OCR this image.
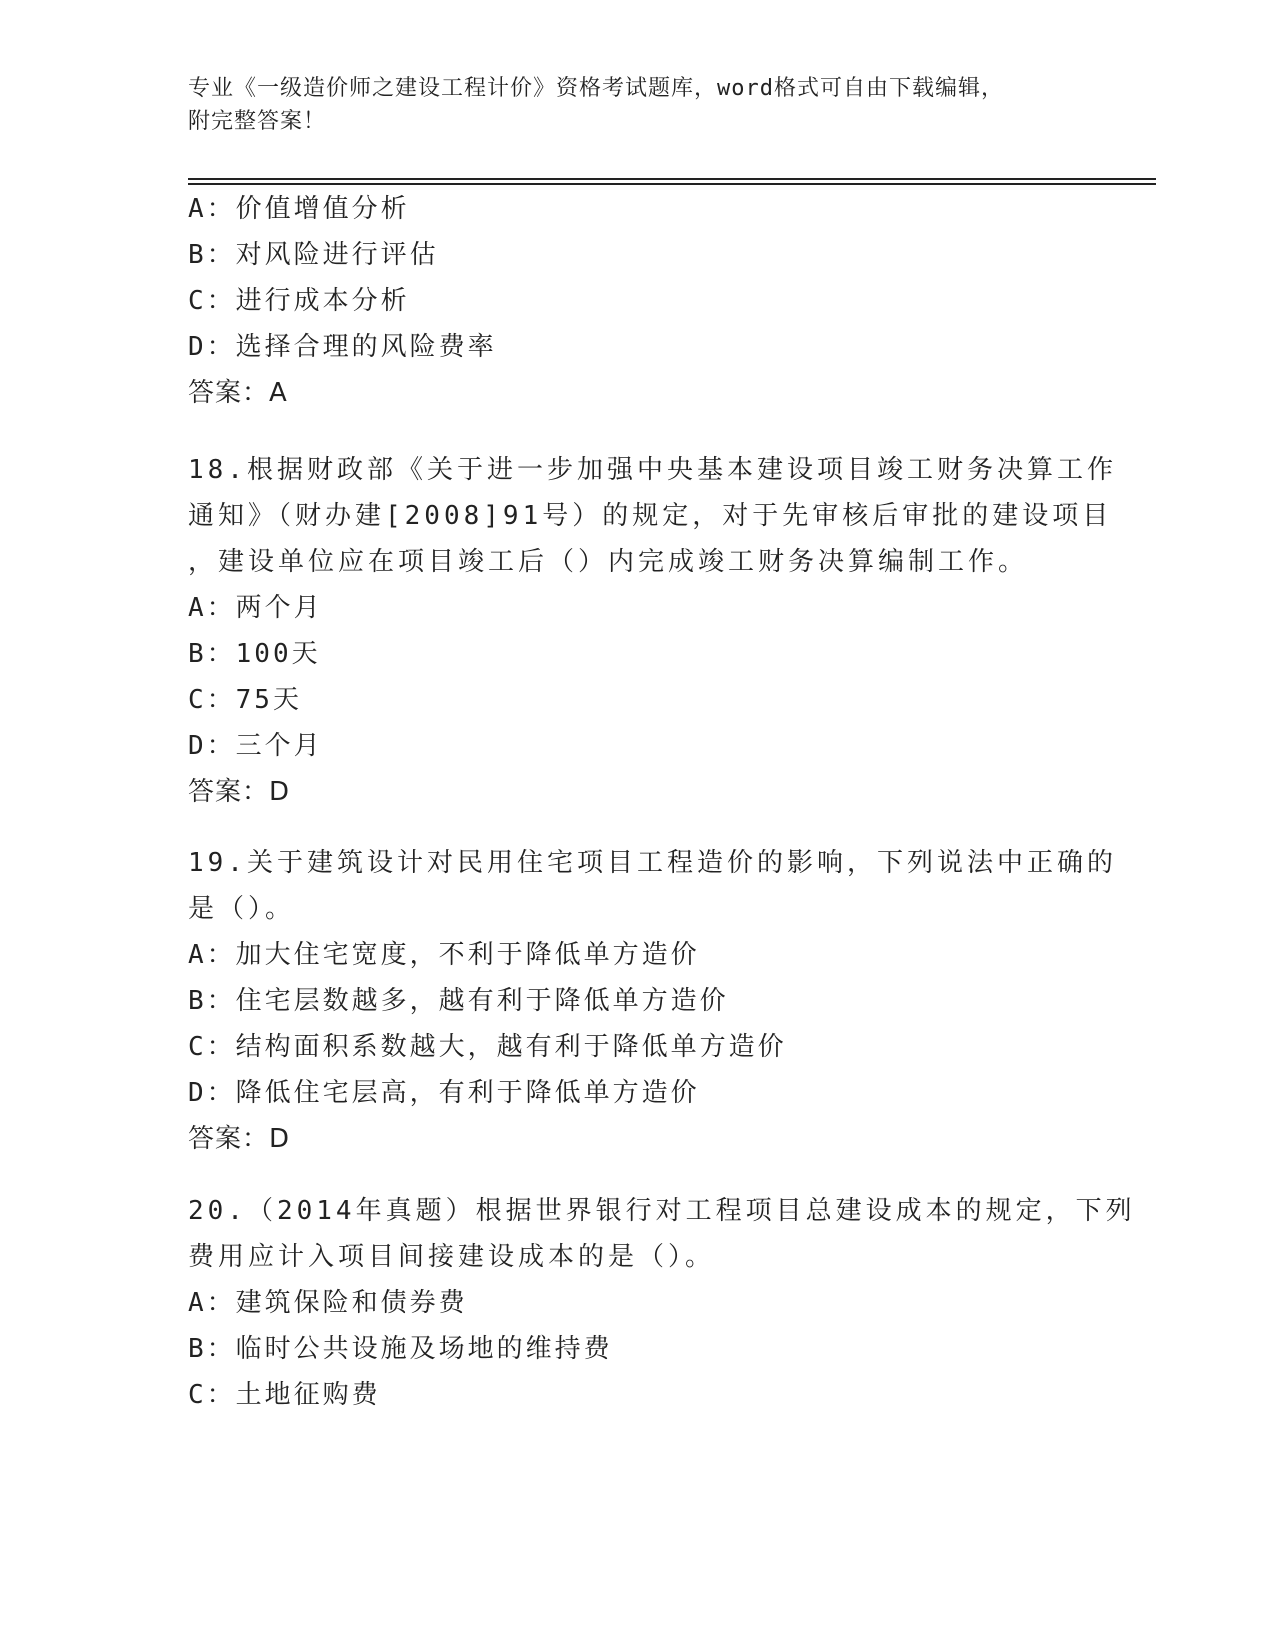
专业《一级造价师之建设工程计价》资格考试题库，word格式可自由下载编辑，
附完整答案！
A：价值增值分析
B：对风险进行评估
C：进行成本分析
D：选择合理的风险费率
答案：A
18.根据财政部《关于进一步加强中央基本建设项目竣工财务决算工作
通知》（财办建[2008]91号）的规定，对于先审核后审批的建设项目
，建设单位应在项目竣工后（）内完成竣工财务决算编制工作。
A：两个月
B：100天
C：75天
D：三个月
答案：D
19.关于建筑设计对民用住宅项目工程造价的影响，下列说法中正确的
是（）。
A：加大住宅宽度，不利于降低单方造价
B：住宅层数越多，越有利于降低单方造价
C：结构面积系数越大，越有利于降低单方造价
D：降低住宅层高，有利于降低单方造价
答案：D
20.（2014年真题）根据世界银行对工程项目总建设成本的规定，下列
费用应计入项目间接建设成本的是（）。
A：建筑保险和债券费
B：临时公共设施及场地的维持费
C：土地征购费
